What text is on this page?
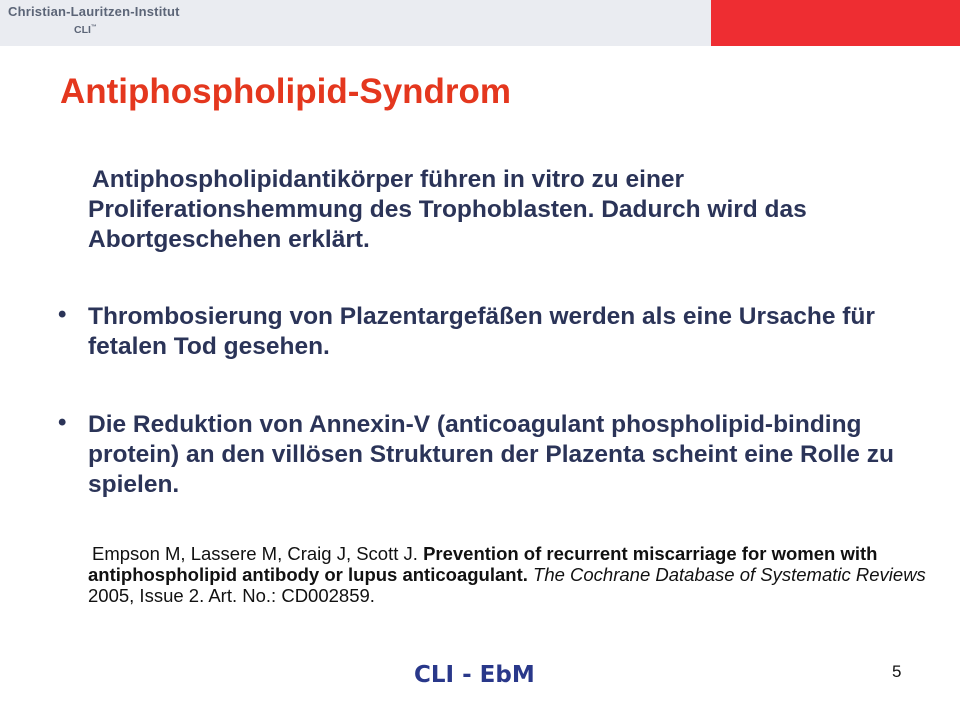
Christian-Lauritzen-Institut
CLI™
Antiphospholipid-Syndrom
Antiphospholipidantikörper führen in vitro zu einer Proliferationshemmung des Trophoblasten. Dadurch wird das Abortgeschehen erklärt.
• Thrombosierung von Plazentargefäßen werden als eine Ursache für fetalen Tod gesehen.
• Die Reduktion von Annexin-V (anticoagulant phospholipid-binding protein) an den villösen Strukturen der Plazenta scheint eine Rolle zu spielen.
Empson M, Lassere M, Craig J, Scott J. Prevention of recurrent miscarriage for women with antiphospholipid antibody or lupus anticoagulant. The Cochrane Database of Systematic Reviews 2005, Issue 2. Art. No.: CD002859.
CLI - EbM	5
